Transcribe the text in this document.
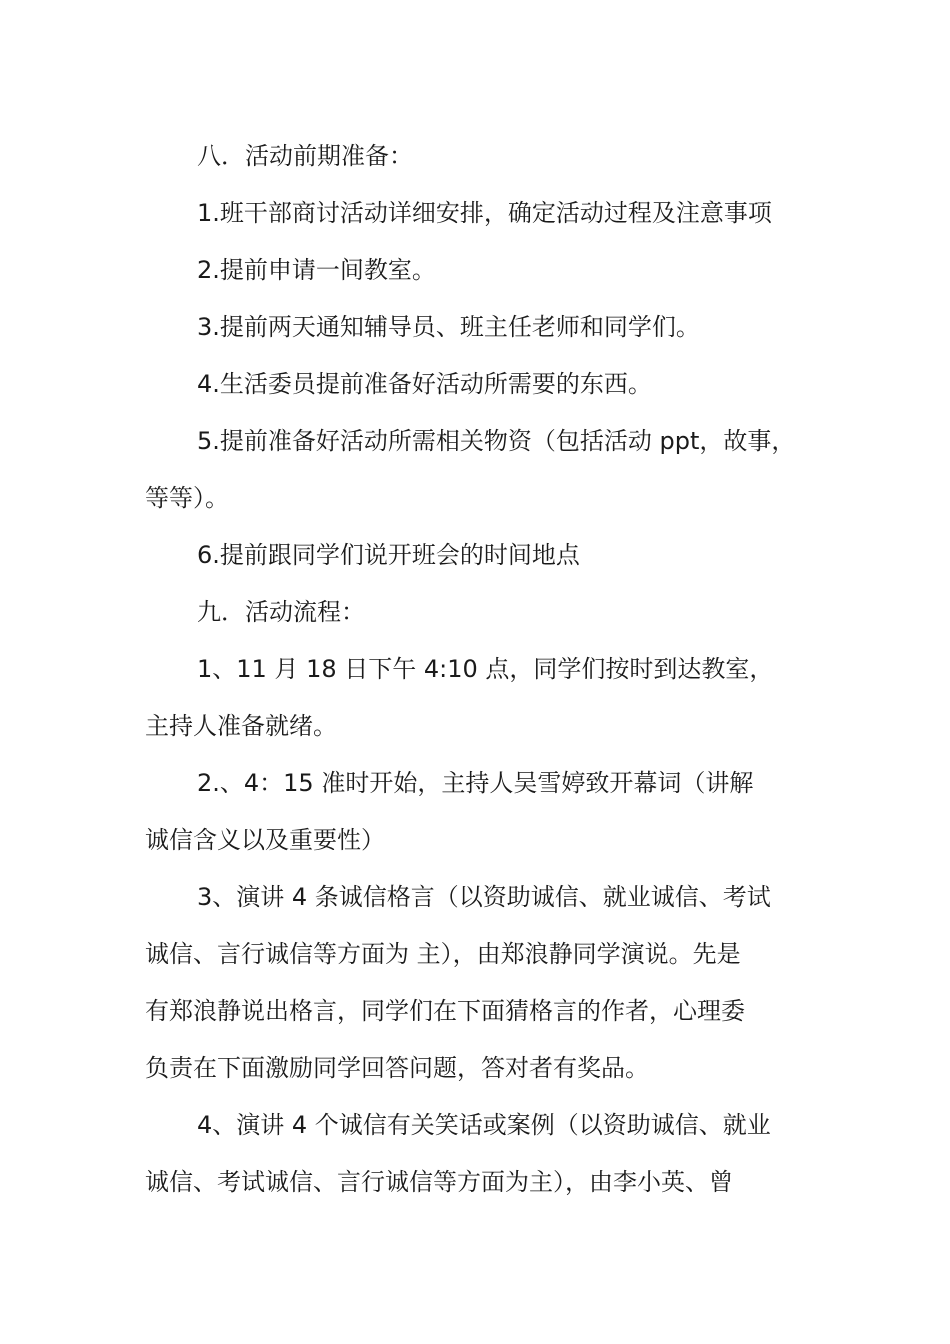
八．活动前期准备：
1.班干部商讨活动详细安排，确定活动过程及注意事项
2.提前申请一间教室。
3.提前两天通知辅导员、班主任老师和同学们。
4.生活委员提前准备好活动所需要的东西。
5.提前准备好活动所需相关物资（包括活动 ppt，故事，
等等）。
6.提前跟同学们说开班会的时间地点
九．活动流程：
1、11 月 18 日下午 4:10 点，同学们按时到达教室，
主持人准备就绪。
2.、4：15 准时开始，主持人吴雪婷致开幕词（讲解
诚信含义以及重要性）
3、演讲 4 条诚信格言（以资助诚信、就业诚信、考试
诚信、言行诚信等方面为 主），由郑浪静同学演说。先是
有郑浪静说出格言，同学们在下面猜格言的作者，心理委
负责在下面激励同学回答问题，答对者有奖品。
4、演讲 4 个诚信有关笑话或案例（以资助诚信、就业
诚信、考试诚信、言行诚信等方面为主），由李小英、曾
